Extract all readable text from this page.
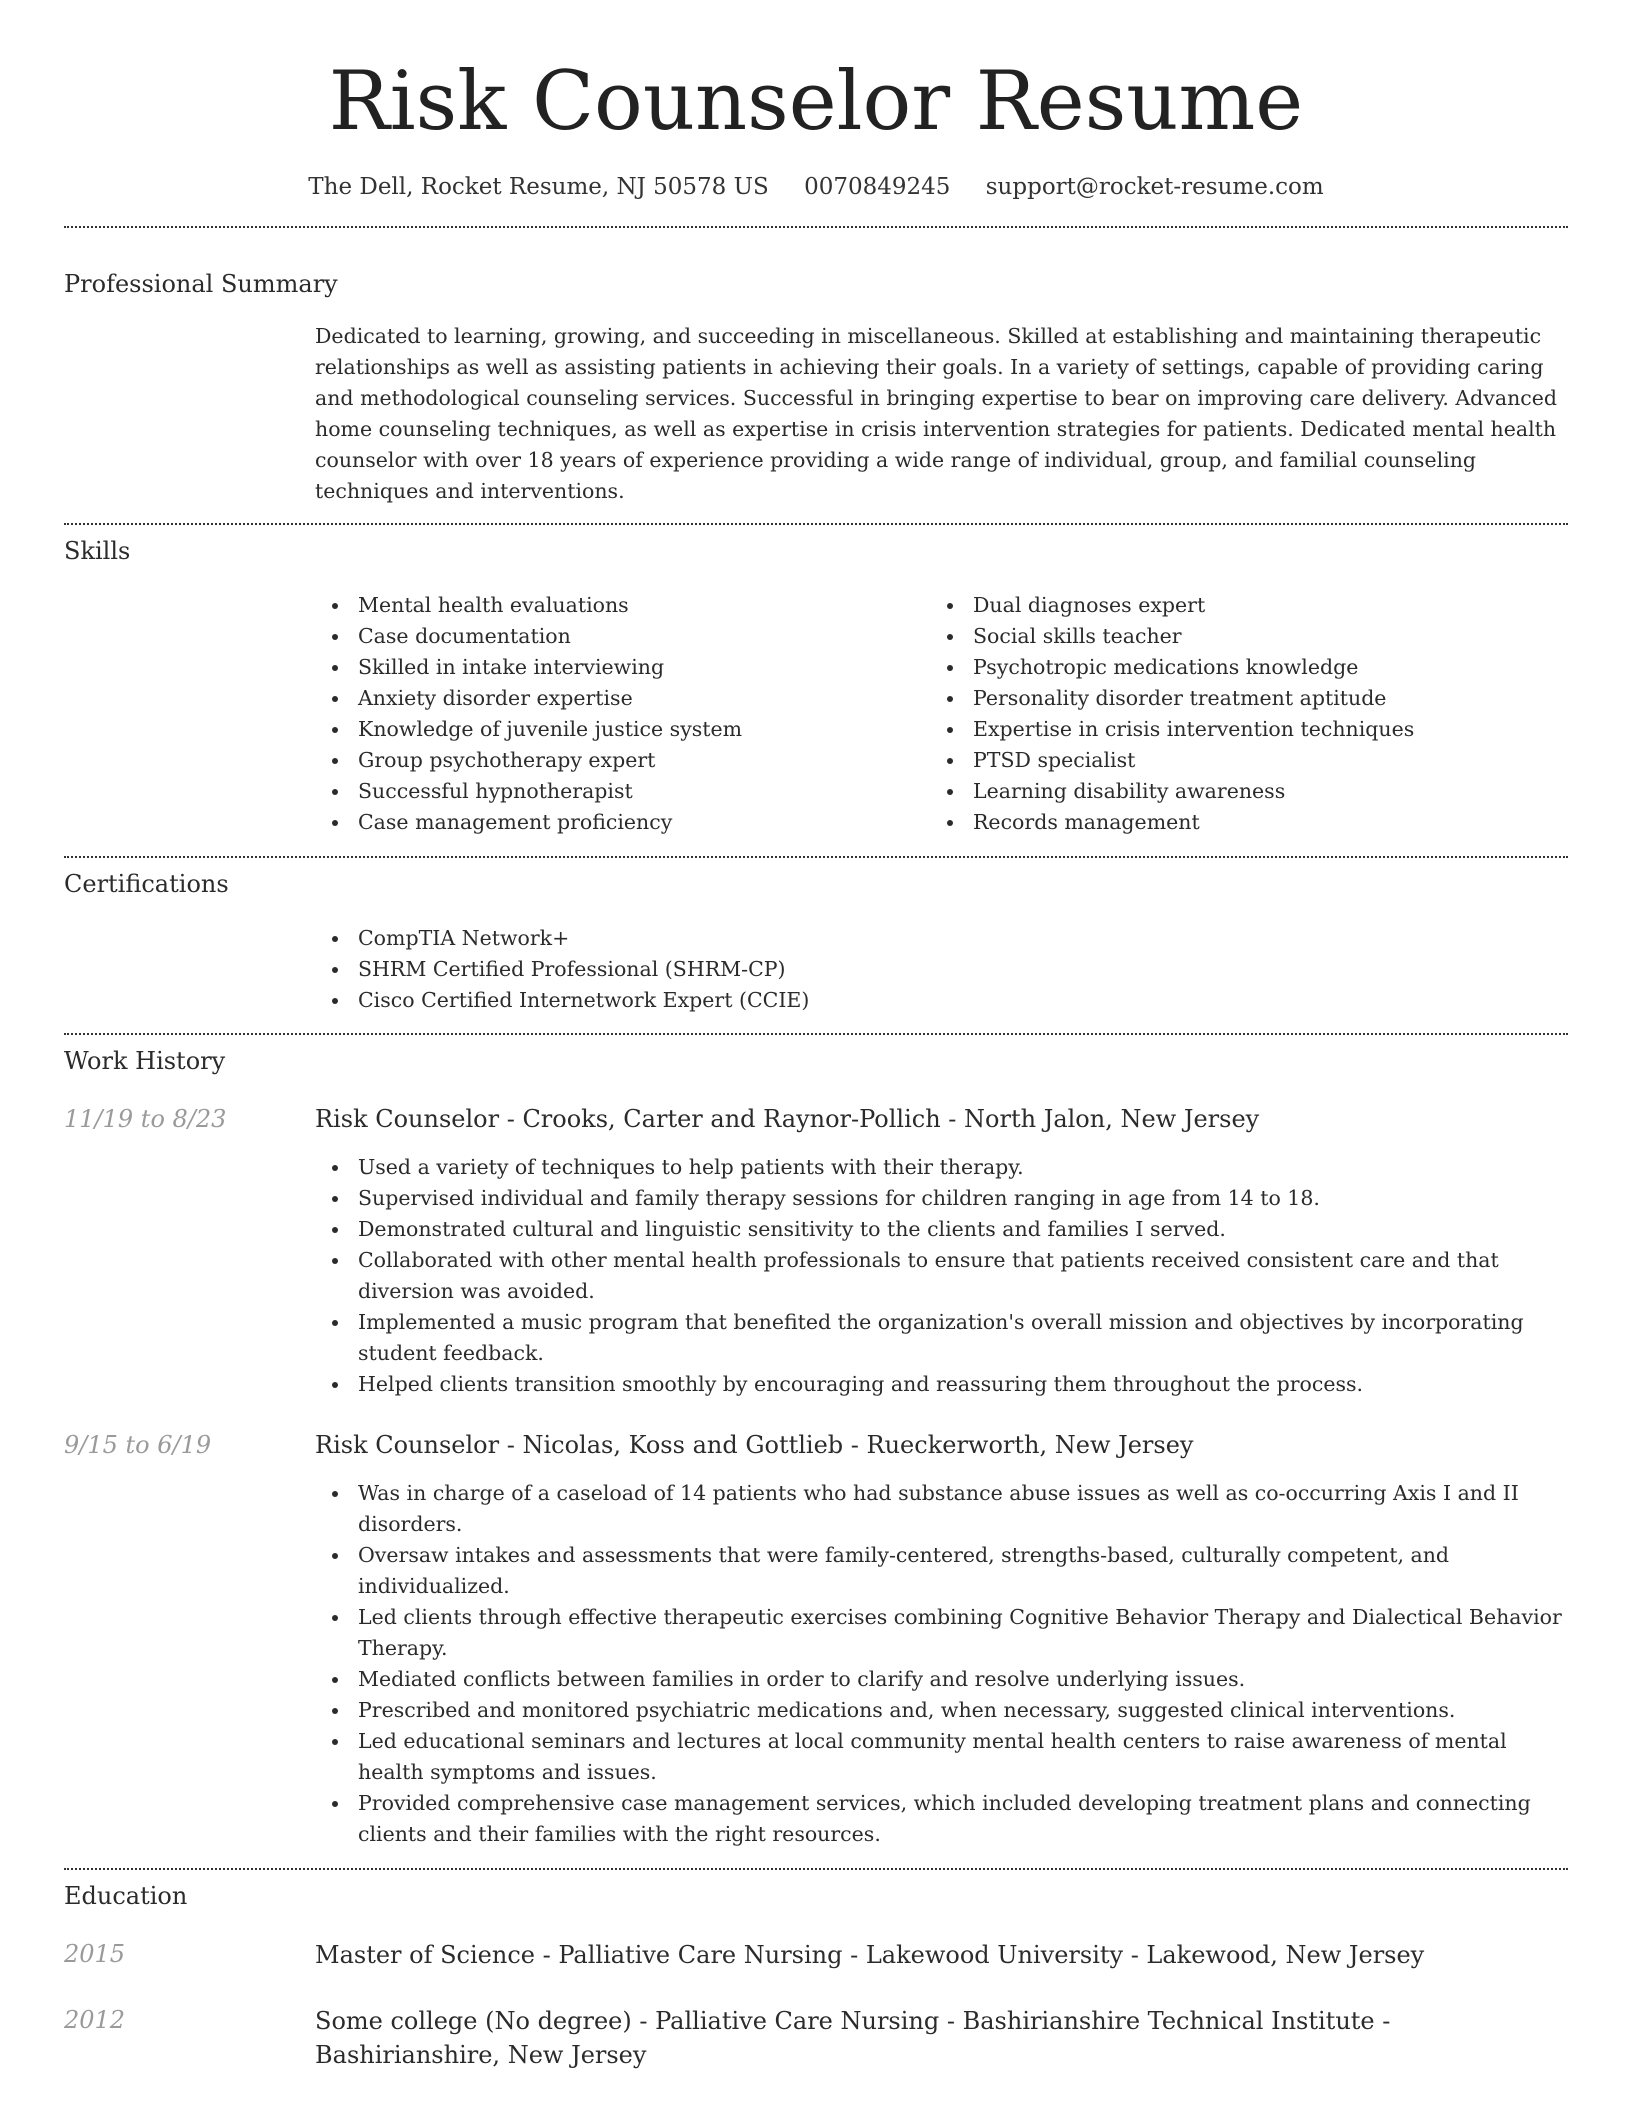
Risk Counselor Resume
The Dell, Rocket Resume, NJ 50578 US 0070849245 support@rocket-resume.com
Professional Summary

Dedicated to learning, growing, and succeeding in miscellaneous. Skilled at establishing and maintaining therapeutic relationships as well as assisting patients in achieving their goals. In a variety of settings, capable of providing caring and methodological counseling services. Successful in bringing expertise to bear on improving care delivery. Advanced home counseling techniques, as well as expertise in crisis intervention strategies for patients. Dedicated mental health counselor with over 18 years of experience providing a wide range of individual, group, and familial counseling techniques and interventions.

Skills
Mental health evaluations
Case documentation
Skilled in intake interviewing
Anxiety disorder expertise
Knowledge of juvenile justice system
Group psychotherapy expert
Successful hypnotherapist
Case management proficiency
Dual diagnoses expert
Social skills teacher
Psychotropic medications knowledge
Personality disorder treatment aptitude
Expertise in crisis intervention techniques
PTSD specialist
Learning disability awareness
Records management
Certifications
CompTIA Network+
SHRM Certified Professional (SHRM-CP)
Cisco Certified Internetwork Expert (CCIE)
Work History
11/19 to 8/23	Risk Counselor - Crooks, Carter and Raynor-Pollich - North Jalon, New Jersey
Used a variety of techniques to help patients with their therapy.
Supervised individual and family therapy sessions for children ranging in age from 14 to 18.
Demonstrated cultural and linguistic sensitivity to the clients and families I served.
Collaborated with other mental health professionals to ensure that patients received consistent care and that diversion was avoided.
Implemented a music program that benefited the organization's overall mission and objectives by incorporating student feedback.
Helped clients transition smoothly by encouraging and reassuring them throughout the process.
9/15 to 6/19	Risk Counselor - Nicolas, Koss and Gottlieb - Rueckerworth, New Jersey
Was in charge of a caseload of 14 patients who had substance abuse issues as well as co-occurring Axis I and II disorders.
Oversaw intakes and assessments that were family-centered, strengths-based, culturally competent, and individualized.
Led clients through effective therapeutic exercises combining Cognitive Behavior Therapy and Dialectical Behavior Therapy.
Mediated conflicts between families in order to clarify and resolve underlying issues.
Prescribed and monitored psychiatric medications and, when necessary, suggested clinical interventions.
Led educational seminars and lectures at local community mental health centers to raise awareness of mental health symptoms and issues.
Provided comprehensive case management services, which included developing treatment plans and connecting clients and their families with the right resources.
Education
2015	Master of Science - Palliative Care Nursing - Lakewood University - Lakewood, New Jersey
2012	Some college (No degree) - Palliative Care Nursing - Bashirianshire Technical Institute - Bashirianshire, New Jersey
